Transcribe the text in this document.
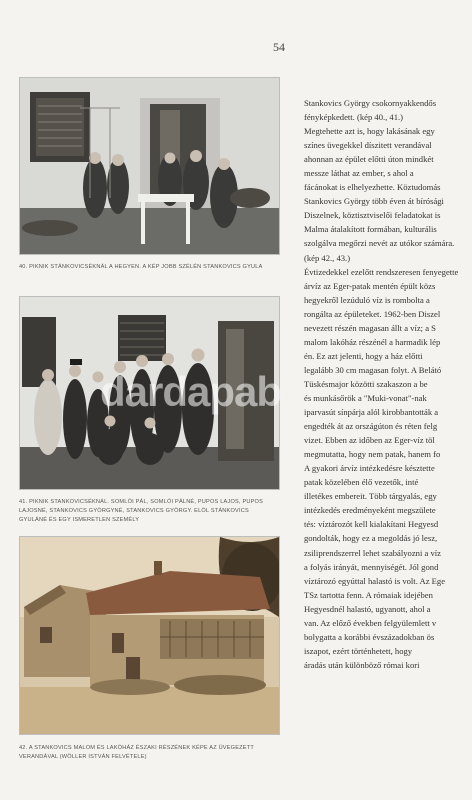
54
40. PIKNIK STÁNKOVICSÉKNÁL A HEGYEN. A KÉP JOBB SZÉLÉN STANKOVICS GYULA
41. PIKNIK STANKOVICSÉKNÁL. SOMLÓI PÁL, SOMLÓI PÁLNÉ, PUPOS LAJOS, PUPOS LAJOSNÉ, STANKOVICS GYÖRGYNÉ, STANKOVICS GYÖRGY. ELÖL STÁNKOVICS GYULÁNÉ ÉS EGY ISMERETLEN SZEMÉLY
42. A STANKOVICS MALOM ÉS LAKÓHÁZ ÉSZAKI RÉSZÉNEK KÉPE AZ ÜVEGEZETT VERANDÁVAL (WÖLLER ISTVÁN FELVÉTELE)
dardapab
Stankovics György csokornyakkendős
fényképkedett. (kép 40., 41.)
Megtehette azt is, hogy lakásának egy
színes üvegekkel díszitett verandával
ahonnan az épület előtti úton mindkét
messze láthat az ember, s ahol a
fácánokat is elhelyezhette. Köztudomás
Stankovics György több éven át bírósági
Diszelnek, köztisztviselői feladatokat is
Malma átalakított formában, kulturális
szolgálva megőrzi nevét az utókor számára.
(kép 42., 43.)
Évtizedekkel ezelőtt rendszeresen fenyegette
árvíz az Eger-patak mentén épült közs
hegyekről lezúduló víz is rombolta a
rongálta az épületeket. 1962-ben Diszel
nevezett részén magasan állt a víz; a S
malom lakóház részénél a harmadik lép
én. Ez azt jelenti, hogy a ház előtti
legalább 30 cm magasan folyt. A Belátó
Tüskésmajor közötti szakaszon a be
és munkásőrök a "Muki-vonat"-nak
iparvasút sínpárja alól kirobbantották a
engedték át az országúton és réten felg
vizet. Ebben az időben az Eger-víz töl
megmutatta, hogy nem patak, hanem fo
A gyakori árvíz intézkedésre késztette
patak közelében élő vezetők, inté
illetékes embereit. Több tárgyalás, egy
intézkedés eredményeként megszülete
tés: víztározót kell kialakítani Hegyesd
gondolták, hogy ez a megoldás jó lesz,
zsiliprendszerrel lehet szabályozni a víz
a folyás irányát, mennyiségét. Jól gond
víztározó egyúttal halastó is volt. Az Ege
TSz tartotta fenn. A rómaiak idejében
Hegyesdnél halastó, ugyanott, ahol a
van. Az előző években felgyülemlett v
bolygatta a korábbi évszázadokban ös
iszapot, ezért történhetett, hogy
áradás után különböző római kori
